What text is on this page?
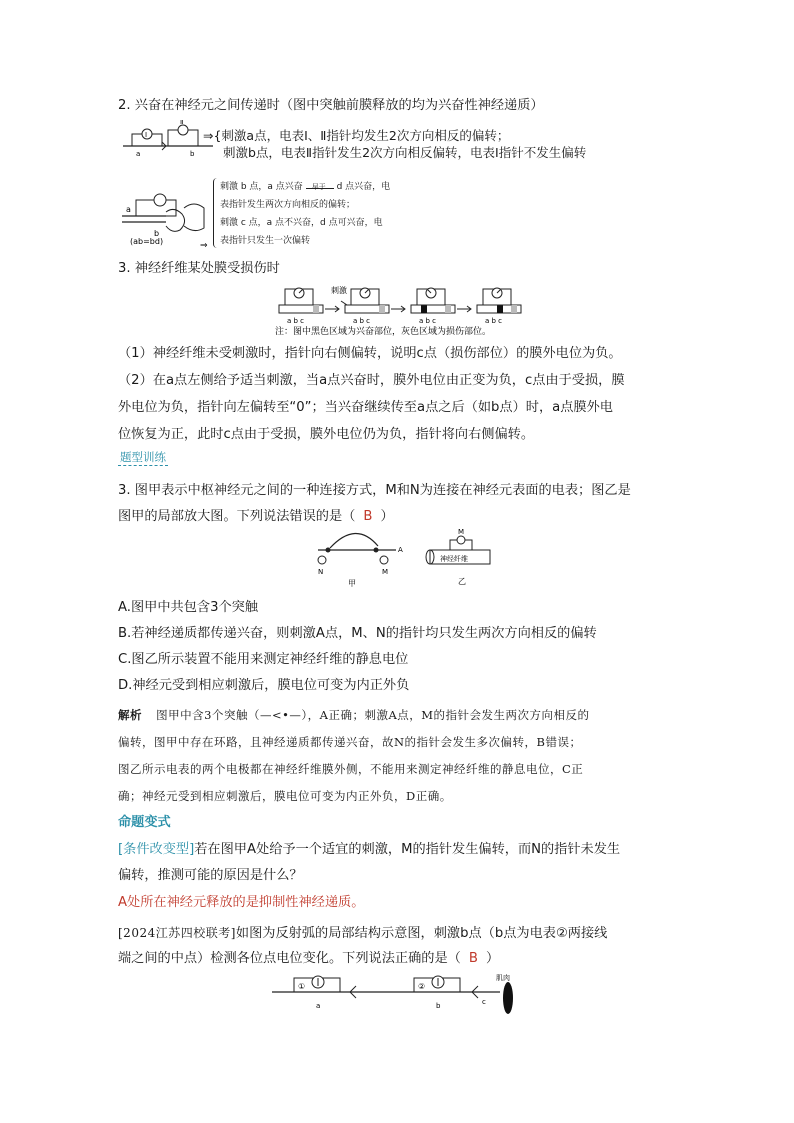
2. 兴奋在神经元之间传递时（图中突触前膜释放的均为兴奋性神经递质）
Ⅰ
Ⅱ
a	b
⇒{刺激a点，电表Ⅰ、Ⅱ指针均发生2次方向相反的偏转；
刺激b点，电表Ⅱ指针发生2次方向相反偏转，电表Ⅰ指针不发生偏转
a
b
(ab=bd)	⇒
刺激 b 点，a 点兴奋 早于 d 点兴奋，电
表指针发生两次方向相反的偏转；
刺激 c 点，a 点不兴奋，d 点可兴奋，电
表指针只发生一次偏转
3. 神经纤维某处膜受损伤时
刺激
a b c	a b c	a b c	a b c
注：图中黑色区域为兴奋部位，灰色区域为损伤部位。
（1）神经纤维未受刺激时，指针向右侧偏转，说明c点（损伤部位）的膜外电位为负。
（2）在a点左侧给予适当刺激，当a点兴奋时，膜外电位由正变为负，c点由于受损，膜
外电位为负，指针向左偏转至“0”；当兴奋继续传至a点之后（如b点）时，a点膜外电
位恢复为正，此时c点由于受损，膜外电位仍为负，指针将向右侧偏转。
题型训练
3. 图甲表示中枢神经元之间的一种连接方式，M和N为连接在神经元表面的电表；图乙是
图甲的局部放大图。下列说法错误的是（ B ）
N	M
A
甲
M
神经纤维
乙
A.图甲中共包含3个突触
B.若神经递质都传递兴奋，则刺激A点，M、N的指针均只发生两次方向相反的偏转
C.图乙所示装置不能用来测定神经纤维的静息电位
D.神经元受到相应刺激后，膜电位可变为内正外负
解析 图甲中含3个突触（—<•—），A正确；刺激A点，M的指针会发生两次方向相反的
偏转，图甲中存在环路，且神经递质都传递兴奋，故N的指针会发生多次偏转，B错误；
图乙所示电表的两个电极都在神经纤维膜外侧，不能用来测定神经纤维的静息电位，C正
确；神经元受到相应刺激后，膜电位可变为内正外负，D正确。
命题变式
[条件改变型]若在图甲A处给予一个适宜的刺激，M的指针发生偏转，而N的指针未发生
偏转，推测可能的原因是什么？
A处所在神经元释放的是抑制性神经递质。
[2024江苏四校联考]如图为反射弧的局部结构示意图，刺激b点（b点为电表②两接线
端之间的中点）检测各位点电位变化。下列说法正确的是（ B ）
①
a
②
b	c
肌肉
